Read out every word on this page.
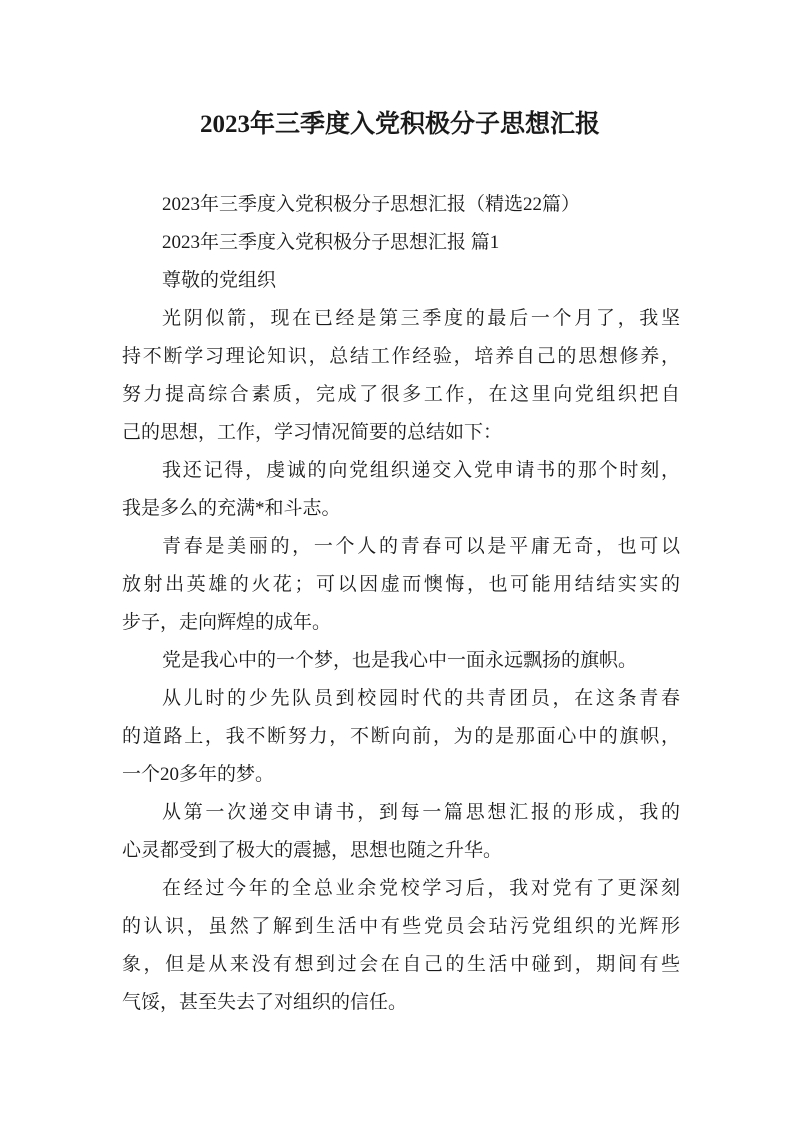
2023年三季度入党积极分子思想汇报
2023年三季度入党积极分子思想汇报（精选22篇）
2023年三季度入党积极分子思想汇报 篇1
尊敬的党组织
光阴似箭，现在已经是第三季度的最后一个月了，我坚
持不断学习理论知识，总结工作经验，培养自己的思想修养，
努力提高综合素质，完成了很多工作，在这里向党组织把自
己的思想，工作，学习情况简要的总结如下：
我还记得，虔诚的向党组织递交入党申请书的那个时刻，
我是多么的充满*和斗志。
青春是美丽的，一个人的青春可以是平庸无奇，也可以
放射出英雄的火花；可以因虚而懊悔，也可能用结结实实的
步子，走向辉煌的成年。
党是我心中的一个梦，也是我心中一面永远飘扬的旗帜。
从儿时的少先队员到校园时代的共青团员，在这条青春
的道路上，我不断努力，不断向前，为的是那面心中的旗帜，
一个20多年的梦。
从第一次递交申请书，到每一篇思想汇报的形成，我的
心灵都受到了极大的震撼，思想也随之升华。
在经过今年的全总业余党校学习后，我对党有了更深刻
的认识，虽然了解到生活中有些党员会玷污党组织的光辉形
象，但是从来没有想到过会在自己的生活中碰到，期间有些
气馁，甚至失去了对组织的信任。
